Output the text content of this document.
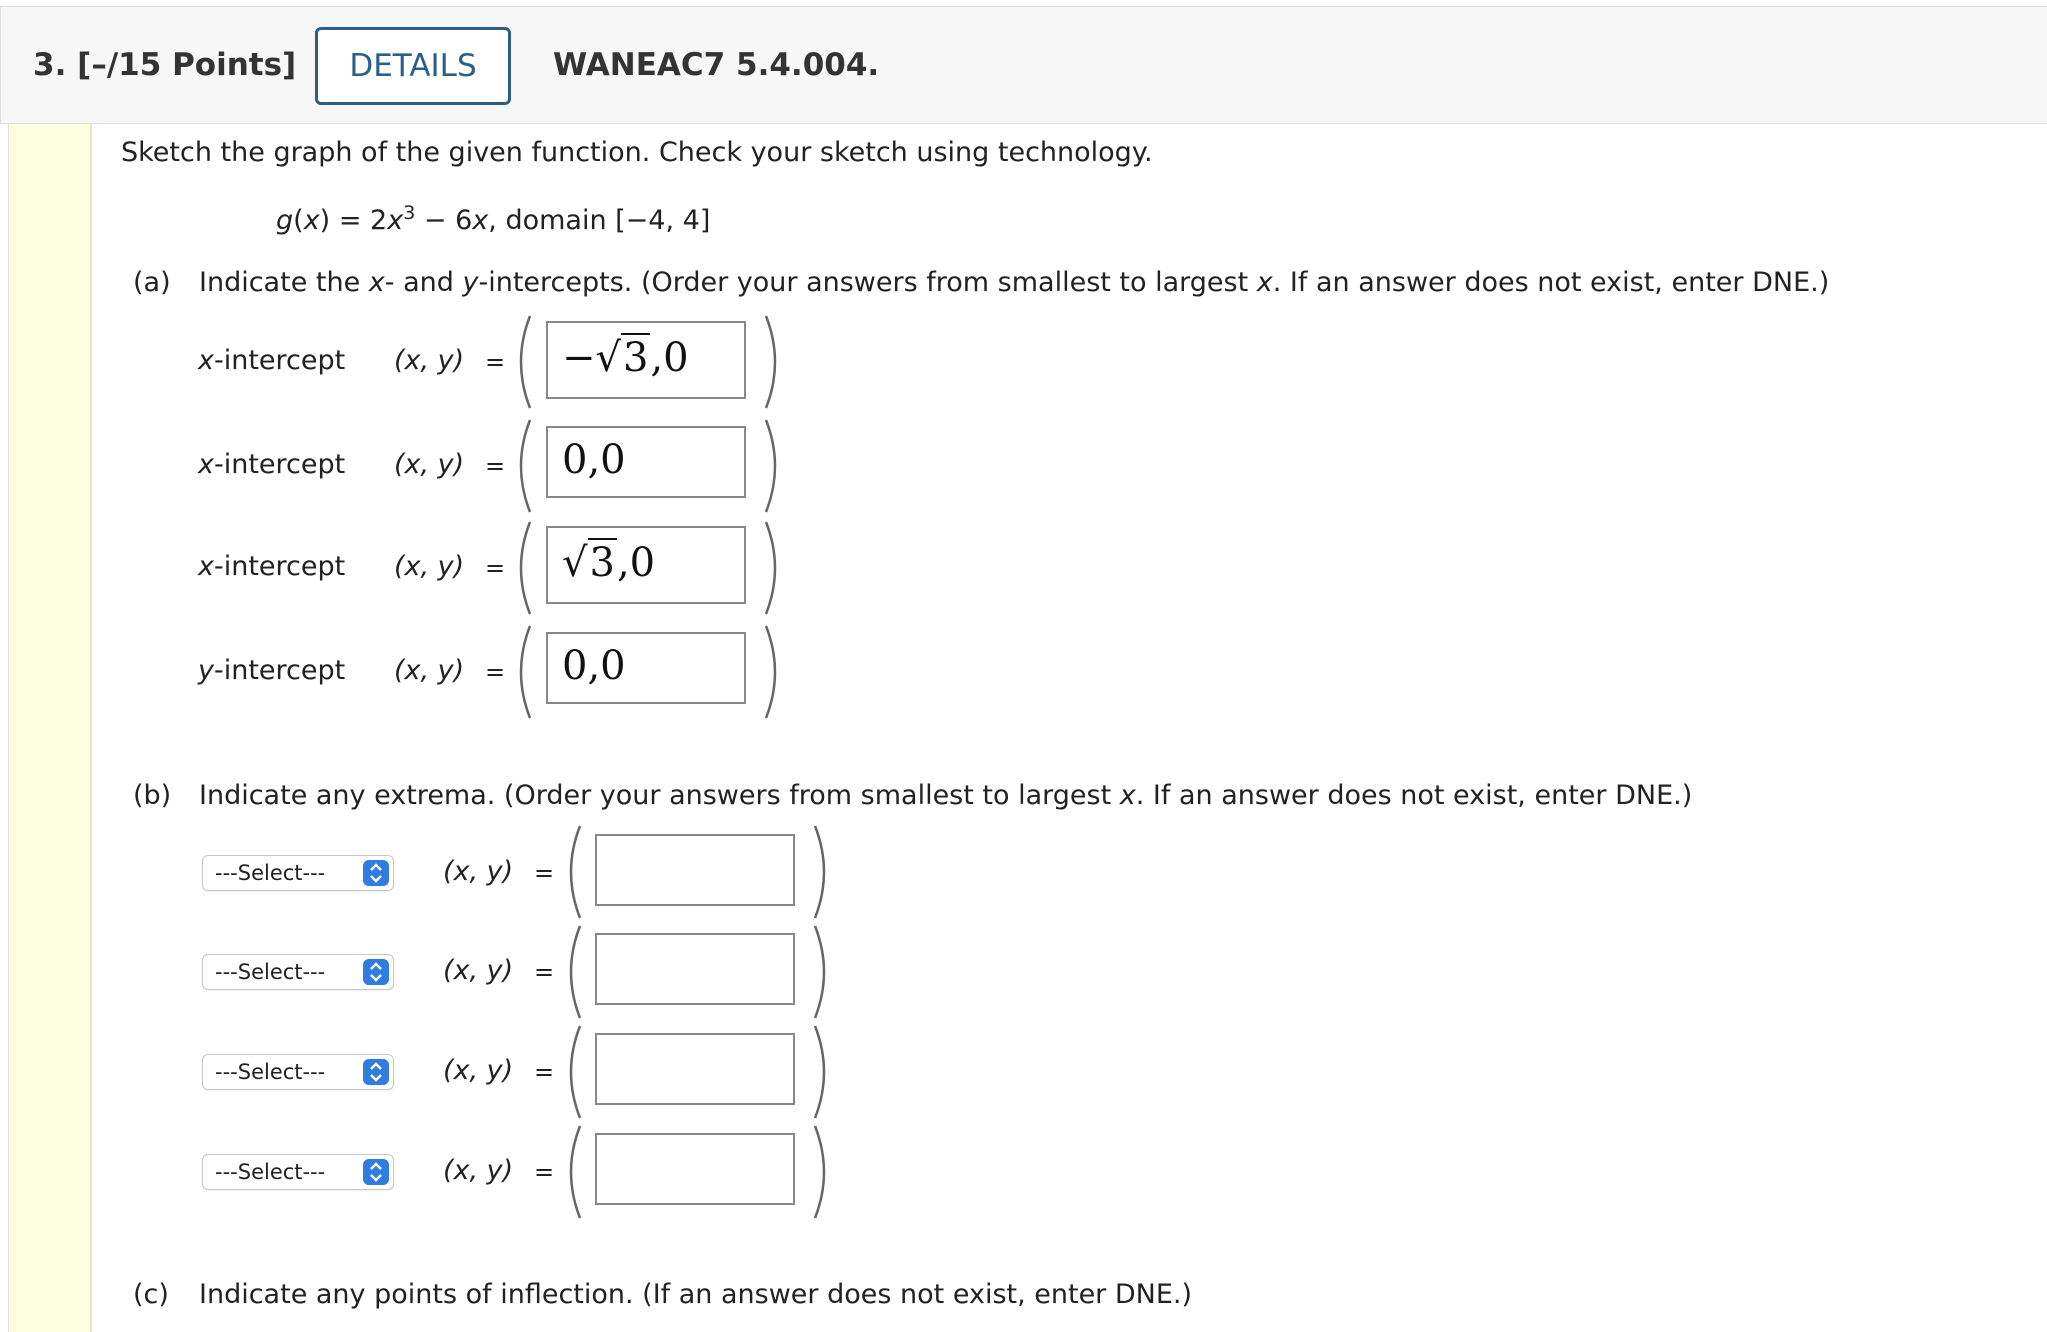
3. [–/15 Points]	DETAILS	WANEAC7 5.4.004.
Sketch the graph of the given function. Check your sketch using technology.
$g(x) = 2x^3 - 6x$, domain [−4, 4]
(a) Indicate the x- and y-intercepts. (Order your answers from smallest to largest x. If an answer does not exist, enter DNE.)
x-intercept (x, y) =	−√3,0
x-intercept (x, y) =	0,0
x-intercept (x, y) =	√3,0
y-intercept (x, y) =	0,0
(b) Indicate any extrema. (Order your answers from smallest to largest x. If an answer does not exist, enter DNE.)
---Select---	(x, y) =
---Select---	(x, y) =
---Select---	(x, y) =
---Select---	(x, y) =
(c) Indicate any points of inflection. (If an answer does not exist, enter DNE.)
